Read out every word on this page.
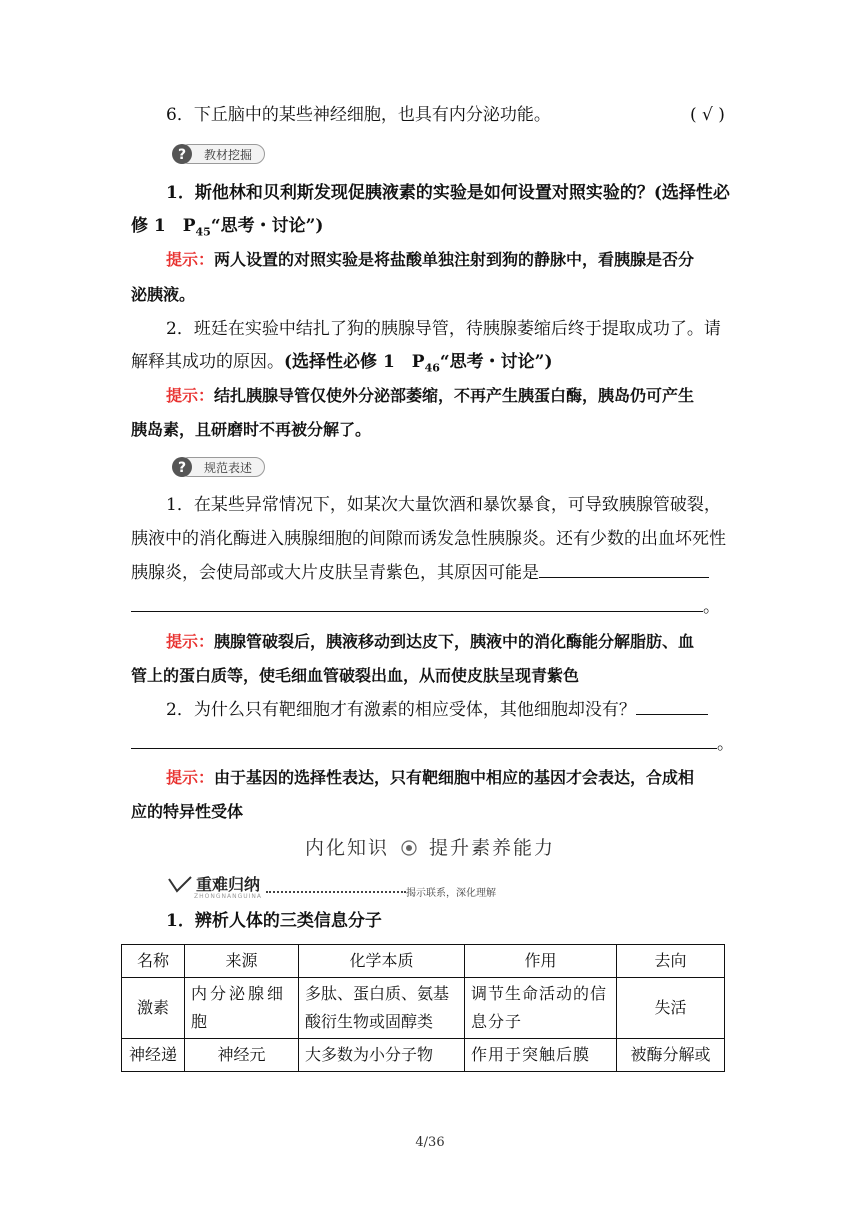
6．下丘脑中的某些神经细胞，也具有内分泌功能。	( √ )
?	教材挖掘
1．斯他林和贝利斯发现促胰液素的实验是如何设置对照实验的？(选择性必
修 1　$P_{45}“$思考・讨论”)
提示：两人设置的对照实验是将盐酸单独注射到狗的静脉中，看胰腺是否分
泌胰液。
2．班廷在实验中结扎了狗的胰腺导管，待胰腺萎缩后终于提取成功了。请
解释其成功的原因。(选择性必修 1　$P_{46}“$思考・讨论”)
提示：结扎胰腺导管仅使外分泌部萎缩，不再产生胰蛋白酶，胰岛仍可产生
胰岛素，且研磨时不再被分解了。
?	规范表述
1．在某些异常情况下，如某次大量饮酒和暴饮暴食，可导致胰腺管破裂，
胰液中的消化酶进入胰腺细胞的间隙而诱发急性胰腺炎。还有少数的出血坏死性
胰腺炎，会使局部或大片皮肤呈青紫色，其原因可能是
。
提示：胰腺管破裂后，胰液移动到达皮下，胰液中的消化酶能分解脂肪、血
管上的蛋白质等，使毛细血管破裂出血，从而使皮肤呈现青紫色
2．为什么只有靶细胞才有激素的相应受体，其他细胞却没有？
。
提示：由于基因的选择性表达，只有靶细胞中相应的基因才会表达，合成相
应的特异性受体
内化知识 提升素养能力
重难归纳
ZHONGNANGUINA	揭示联系，深化理解
1．辨析人体的三类信息分子
名称	来源	化学本质	作用	去向
激素	内分泌腺细胞	多肽、蛋白质、氨基酸衍生物或固醇类	调节生命活动的信息分子	失活
神经递	神经元	大多数为小分子物	作用于突触后膜	被酶分解或
4/36
